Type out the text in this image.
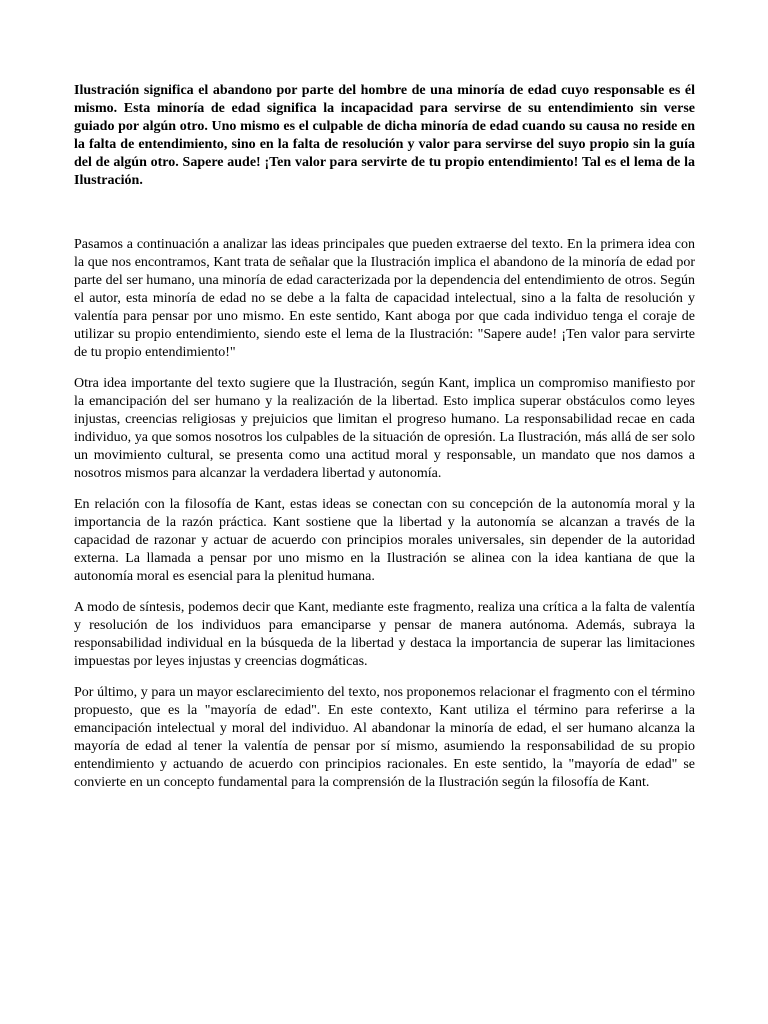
Ilustración significa el abandono por parte del hombre de una minoría de edad cuyo responsable es él mismo. Esta minoría de edad significa la incapacidad para servirse de su entendimiento sin verse guiado por algún otro. Uno mismo es el culpable de dicha minoría de edad cuando su causa no reside en la falta de entendimiento, sino en la falta de resolución y valor para servirse del suyo propio sin la guía del de algún otro. Sapere aude! ¡Ten valor para servirte de tu propio entendimiento! Tal es el lema de la Ilustración.

Pasamos a continuación a analizar las ideas principales que pueden extraerse del texto. En la primera idea con la que nos encontramos, Kant trata de señalar que la Ilustración implica el abandono de la minoría de edad por parte del ser humano, una minoría de edad caracterizada por la dependencia del entendimiento de otros. Según el autor, esta minoría de edad no se debe a la falta de capacidad intelectual, sino a la falta de resolución y valentía para pensar por uno mismo. En este sentido, Kant aboga por que cada individuo tenga el coraje de utilizar su propio entendimiento, siendo este el lema de la Ilustración: "Sapere aude! ¡Ten valor para servirte de tu propio entendimiento!"

Otra idea importante del texto sugiere que la Ilustración, según Kant, implica un compromiso manifiesto por la emancipación del ser humano y la realización de la libertad. Esto implica superar obstáculos como leyes injustas, creencias religiosas y prejuicios que limitan el progreso humano. La responsabilidad recae en cada individuo, ya que somos nosotros los culpables de la situación de opresión. La Ilustración, más allá de ser solo un movimiento cultural, se presenta como una actitud moral y responsable, un mandato que nos damos a nosotros mismos para alcanzar la verdadera libertad y autonomía.

En relación con la filosofía de Kant, estas ideas se conectan con su concepción de la autonomía moral y la importancia de la razón práctica. Kant sostiene que la libertad y la autonomía se alcanzan a través de la capacidad de razonar y actuar de acuerdo con principios morales universales, sin depender de la autoridad externa. La llamada a pensar por uno mismo en la Ilustración se alinea con la idea kantiana de que la autonomía moral es esencial para la plenitud humana.

A modo de síntesis, podemos decir que Kant, mediante este fragmento, realiza una crítica a la falta de valentía y resolución de los individuos para emanciparse y pensar de manera autónoma. Además, subraya la responsabilidad individual en la búsqueda de la libertad y destaca la importancia de superar las limitaciones impuestas por leyes injustas y creencias dogmáticas.

Por último, y para un mayor esclarecimiento del texto, nos proponemos relacionar el fragmento con el término propuesto, que es la "mayoría de edad". En este contexto, Kant utiliza el término para referirse a la emancipación intelectual y moral del individuo. Al abandonar la minoría de edad, el ser humano alcanza la mayoría de edad al tener la valentía de pensar por sí mismo, asumiendo la responsabilidad de su propio entendimiento y actuando de acuerdo con principios racionales. En este sentido, la "mayoría de edad" se convierte en un concepto fundamental para la comprensión de la Ilustración según la filosofía de Kant.
